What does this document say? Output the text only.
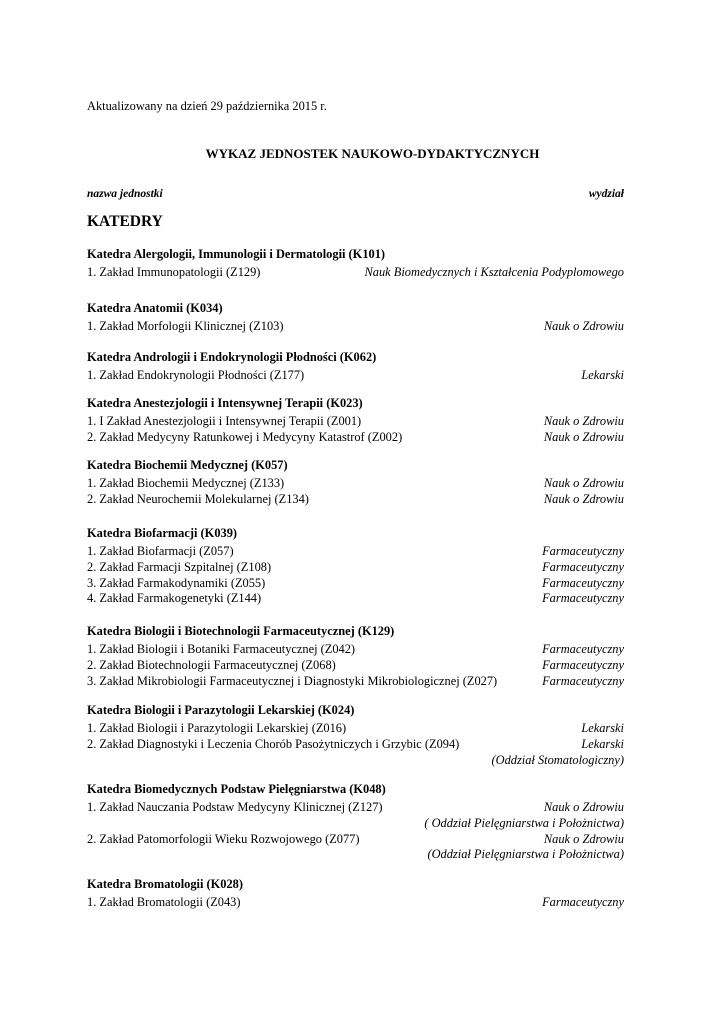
Aktualizowany na dzień 29 października 2015 r.
WYKAZ JEDNOSTEK NAUKOWO-DYDAKTYCZNYCH
nazwa jednostki	wydział
KATEDRY
Katedra Alergologii, Immunologii i Dermatologii (K101)
1. Zakład Immunopatologii (Z129)	Nauk Biomedycznych i Kształcenia Podyplomowego
Katedra Anatomii (K034)
1. Zakład Morfologii Klinicznej (Z103)	Nauk o Zdrowiu
Katedra Andrologii i Endokrynologii Płodności (K062)
1. Zakład Endokrynologii Płodności (Z177)	Lekarski
Katedra Anestezjologii i Intensywnej Terapii (K023)
1. I Zakład Anestezjologii i Intensywnej Terapii (Z001)	Nauk o Zdrowiu
2. Zakład Medycyny Ratunkowej i Medycyny Katastrof (Z002)	Nauk o Zdrowiu
Katedra Biochemii Medycznej (K057)
1. Zakład Biochemii Medycznej (Z133)	Nauk o Zdrowiu
2. Zakład Neurochemii Molekularnej (Z134)	Nauk o Zdrowiu
Katedra Biofarmacji (K039)
1. Zakład Biofarmacji (Z057)	Farmaceutyczny
2. Zakład Farmacji Szpitalnej (Z108)	Farmaceutyczny
3. Zakład Farmakodynamiki (Z055)	Farmaceutyczny
4. Zakład Farmakogenetyki (Z144)	Farmaceutyczny
Katedra Biologii i Biotechnologii Farmaceutycznej (K129)
1. Zakład Biologii i Botaniki Farmaceutycznej (Z042)	Farmaceutyczny
2. Zakład Biotechnologii Farmaceutycznej (Z068)	Farmaceutyczny
3. Zakład Mikrobiologii Farmaceutycznej i Diagnostyki Mikrobiologicznej (Z027)	Farmaceutyczny
Katedra Biologii i Parazytologii Lekarskiej (K024)
1. Zakład Biologii i Parazytologii Lekarskiej (Z016)	Lekarski
2. Zakład Diagnostyki i Leczenia Chorób Pasożytniczych i Grzybic (Z094)	Lekarski
(Oddział Stomatologiczny)
Katedra Biomedycznych Podstaw Pielęgniarstwa (K048)
1. Zakład Nauczania Podstaw Medycyny Klinicznej (Z127)	Nauk o Zdrowiu
( Oddział Pielęgniarstwa i Położnictwa)
2. Zakład Patomorfologii Wieku Rozwojowego (Z077)	Nauk o Zdrowiu
(Oddział Pielęgniarstwa i Położnictwa)
Katedra Bromatologii (K028)
1. Zakład Bromatologii (Z043)	Farmaceutyczny
